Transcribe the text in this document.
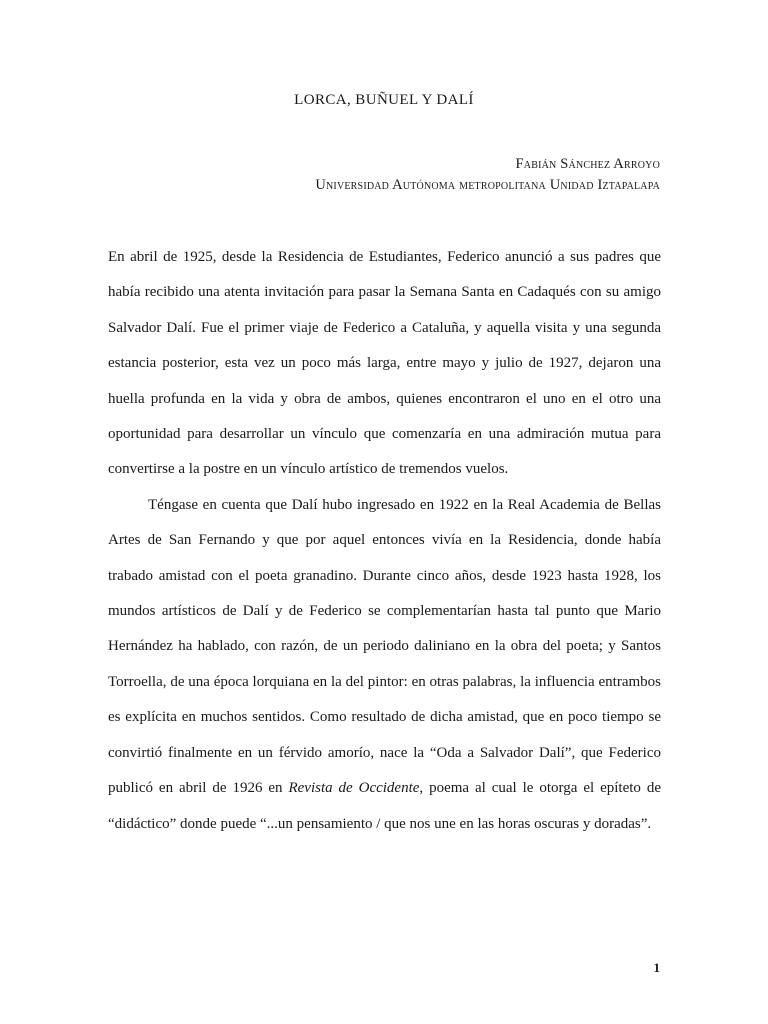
LORCA, BUÑUEL Y DALÍ
Fabián Sánchez Arroyo
Universidad Autónoma metropolitana Unidad Iztapalapa

En abril de 1925, desde la Residencia de Estudiantes, Federico anunció a sus padres que había recibido una atenta invitación para pasar la Semana Santa en Cadaqués con su amigo Salvador Dalí. Fue el primer viaje de Federico a Cataluña, y aquella visita y una segunda estancia posterior, esta vez un poco más larga, entre mayo y julio de 1927, dejaron una huella profunda en la vida y obra de ambos, quienes encontraron el uno en el otro una oportunidad para desarrollar un vínculo que comenzaría en una admiración mutua para convertirse a la postre en un vínculo artístico de tremendos vuelos.

Téngase en cuenta que Dalí hubo ingresado en 1922 en la Real Academia de Bellas Artes de San Fernando y que por aquel entonces vivía en la Residencia, donde había trabado amistad con el poeta granadino. Durante cinco años, desde 1923 hasta 1928, los mundos artísticos de Dalí y de Federico se complementarían hasta tal punto que Mario Hernández ha hablado, con razón, de un periodo daliniano en la obra del poeta; y Santos Torroella, de una época lorquiana en la del pintor: en otras palabras, la influencia entrambos es explícita en muchos sentidos. Como resultado de dicha amistad, que en poco tiempo se convirtió finalmente en un férvido amorío, nace la “Oda a Salvador Dalí”, que Federico publicó en abril de 1926 en Revista de Occidente, poema al cual le otorga el epíteto de “didáctico” donde puede “...un pensamiento / que nos une en las horas oscuras y doradas”.

1
